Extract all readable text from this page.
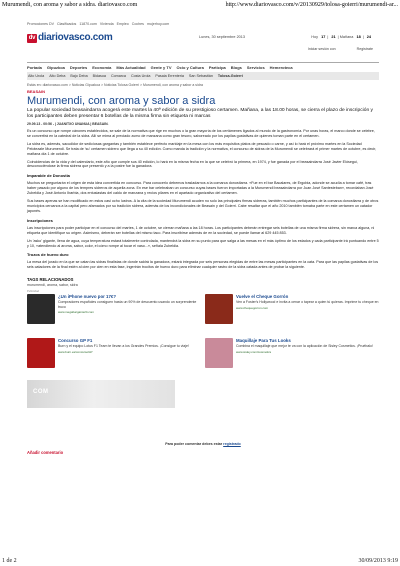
Murumendi, con aroma y sabor a sidra. diariovasco.com	http://www.diariovasco.com/v/20130929/tolosa-goierri/murumendi-ar...
Promociones DV Clasificados 11870.com Vivienda Empleo Coches mujerhoy.com
dv diariovasco.com	Lunes, 30 septiembre 2013	Hoy 17 | 21 | Mañana 18 | 24
Iniciar sesión con	Registrate
Portada Gipuzkoa Deportes Economía Más Actualidad Gente y TV Ocio y Cultura Participa Blogs Servicios Hemeroteca
Alto Urola Alto Deba Bajo Deba Bidasoa Comarca Costa Urola Pasaia Errenteria San Sebastián Tolosa-Goierri
Estás en: diariovasco.com > Noticias Gipuzkoa > Noticias Tolosa Goierri > Murumendi, con aroma y sabor a sidra
BEASAIN
Murumendi, con aroma y sabor a sidra
La popular sociedad beasaindarra acogerá este martes la 40ª edición de su prestigioso certamen. Mañana, a las 18.00 horas, se cierra el plazo de inscripción y los participantes deben presentar 6 botellas de la misma firma sin etiqueta ni marcas
29.09.13 - 00:56 - | JUANITXO UNANUA | BEASAIN.
Es un concurso que rompe cánones establecidos, se sale de la normativa que rige en muchos o la gran mayoría de los certámenes ligados al mundo de la gastronomía. Por unas horas, el marco donde se celebre, se convertirá en la catedral de la sidra. Allí se mima al preciado zumo de manzana como gran tesoro, saboreado por los papilas gustativas de quienes toman parte en el certamen.
La sidra es, además, sacudidor de sediciosas gargantas y también establece perfecto maridaje en la mesa con los más exquisitos platos de pescado o carne, y así lo hará el próximo martes en la Sociedad Peloteazle Murumendi. Se trata de 'su' certamen sidrero que llega a su 40 edición. Como manda la tradición y la normativa, el concurso de sidras de la Murumendi se celebrará el primer martes de octubre, es decir, mañana día 1 de octubre.
Coincidencias de la vida y del calendario, este año que cumple sus 40 edición, lo hará en la misma fecha en la que se celebró la primera, en 1974, y fue ganada por el beasaindarra José Javier Elósegui, desconociéndose la firma sidrera que presentó y a la postre fue la ganadora.
Imparable de Donostia
Muchos se preguntarán el origen de esta idea convertida en concurso. Para conocerlo debemos trasladarnos a la comarca donostiarra. «Fue en el bar Bacalares, de Ergobia, adonde se acudía a tomar café, tras haber pasado por alguno de los tempres sidreros de aquella zona. En ese bar celebraban un concurso cuyas bases fueron importadas a la Murumendi beasaindarra por Juan José Santesteban», recordaban José Zubeldia y José Antonio Ibarbia, dos entusiastas del caldo de manzana y recios pilares en el apartado organizativo del certamen.
Sus bases apenas se han modificado en estos casi ocho lustros. A la cita de la sociedad Murumendi acuden no solo las principales firmas sidreras, también muchos participantes de la comarca donostiarra y de otros municipios cercanos a la capital pero afamados por su tradición sidrera, además de los incondicionales de Beasain y del Goierri. Cabe resaltar que el año 2010 también tomaba parte en este certamen un catador japonés.
Inscripciones
Las inscripciones para poder participar en el concurso del martes, 1 de octubre, se cierran mañana a las 18 horas. Los participantes deberán entregar seis botellas de una misma firma sidrera, sin marca alguna, ni etiqueta que identifique su origen. Asimismo, deberán ser botellas del mismo taco. Para inscribirse además de en la sociedad, se puede llamar al 629 445 853.
Un 'asko' gigante, llena de agua, cuya temperatura estará totalmente controlada, mantendrá la sidra en su punto para que salga a las mesas en el más óptimo de los estados y cada participante irá puntuando entre 5 y 10, «atendiendo al aroma, sabor, color, el cómo rompe al tocar el vaso...», señala Zubeldia.
Trozos de huevo duro
La mesa del jurado en la que se catan las sidras finalistas de donde saldrá la ganadora, estará integrada por seis personas elegidas de entre las mesas participantes en la cata. Para que las papilas gustativas de los seis catadores de la final estén al cien por cien en esta fase, ingerirán trocitos de huevo duro para eliminar cualquier rastro de la sidra catada antes de probar la siguiente.
TAGS RELACIONADOS
murumendi, aroma, sabor, sidra
Publicidad
¿Un iPhone nuevo por 17€?
Compradores españoles consiguen hasta un 90% de descuento usando un sorprendente truco
www.megabargains24.com
Vuelve el Cheque Gorrón
Ven a Foster's Hollywood e invita a cenar o tapear a quien tú quieras. Imprime tu cheque en
www.chequegorron.com
Concurso GP F1
Burn y el equipo Lotus F1 Team te llevan a los Grandes Premios. ¡Consigue tu viaje!
www.burn.es/concursoGP
Maquillaje Para Tus Looks
Combina el maquillaje que mejor te va con la aplicación de Sisley Cosmetics. ¡Pruébalo!
www.sisley.com/cosmetics
COM
Para poder comentar debes estar registrado
Añadir comentario
1 de 2	30/09/2013 9:19
